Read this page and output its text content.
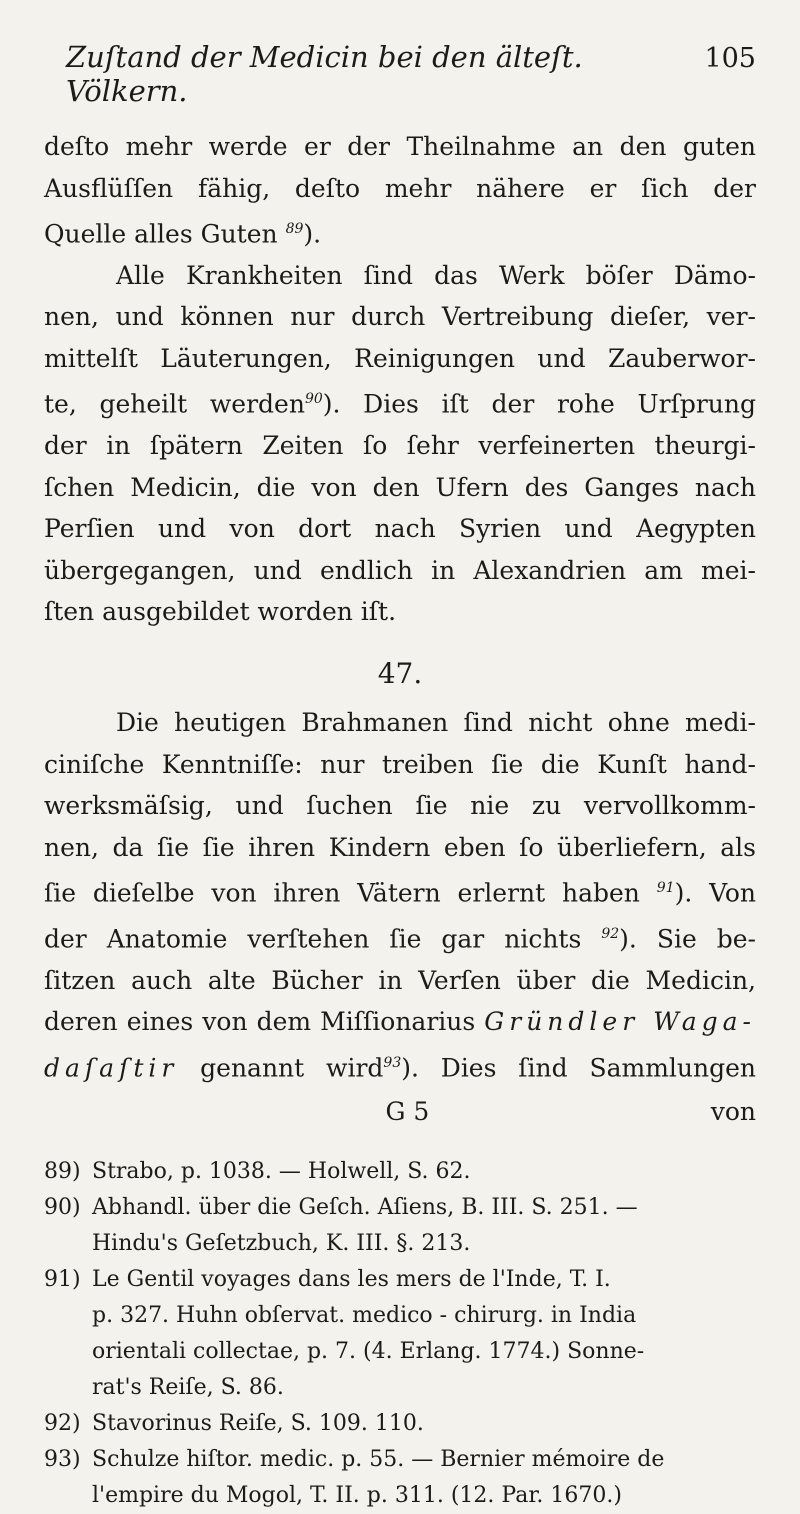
Zuſtand der Medicin bei den älteſt. Völkern.
105

deſto mehr werde er der Theilnahme an den guten
Ausflüſſen fähig, deſto mehr nähere er ſich der
Quelle alles Guten $^{89}$).

Alle Krankheiten ſind das Werk böſer Dämo-
nen, und können nur durch Vertreibung dieſer, ver-
mittelſt Läuterungen, Reinigungen und Zauberwor-
te, geheilt werden$^{90}$). Dies iſt der rohe Urſprung
der in ſpätern Zeiten ſo ſehr verfeinerten theurgi-
ſchen Medicin, die von den Ufern des Ganges nach
Perſien und von dort nach Syrien und Aegypten
übergegangen, und endlich in Alexandrien am mei-
ſten ausgebildet worden iſt.

47.

Die heutigen Brahmanen ſind nicht ohne medi-
ciniſche Kenntniſſe: nur treiben ſie die Kunſt hand-
werksmäſsig, und ſuchen ſie nie zu vervollkomm-
nen, da ſie ſie ihren Kindern eben ſo überliefern, als
ſie dieſelbe von ihren Vätern erlernt haben $^{91}$). Von
der Anatomie verſtehen ſie gar nichts $^{92}$). Sie be-
ſitzen auch alte Bücher in Verſen über die Medicin,
deren eines von dem Miſſionarius Gründler Waga-
daſaſtir genannt wird$^{93}$). Dies ſind Sammlungen

G 5	von
89) Strabo, p. 1038. — Holwell, S. 62.
90) Abhandl. über die Geſch. Aſiens, B. III. S. 251. —
Hindu's Geſetzbuch, K. III. §. 213.
91) Le Gentil voyages dans les mers de l'Inde, T. I.
p. 327. Huhn obſervat. medico - chirurg. in India
orientali collectae, p. 7. (4. Erlang. 1774.) Sonne-
rat's Reiſe, S. 86.
92) Stavorinus Reiſe, S. 109. 110.
93) Schulze hiſtor. medic. p. 55. — Bernier mémoire de
l'empire du Mogol, T. II. p. 311. (12. Par. 1670.)
